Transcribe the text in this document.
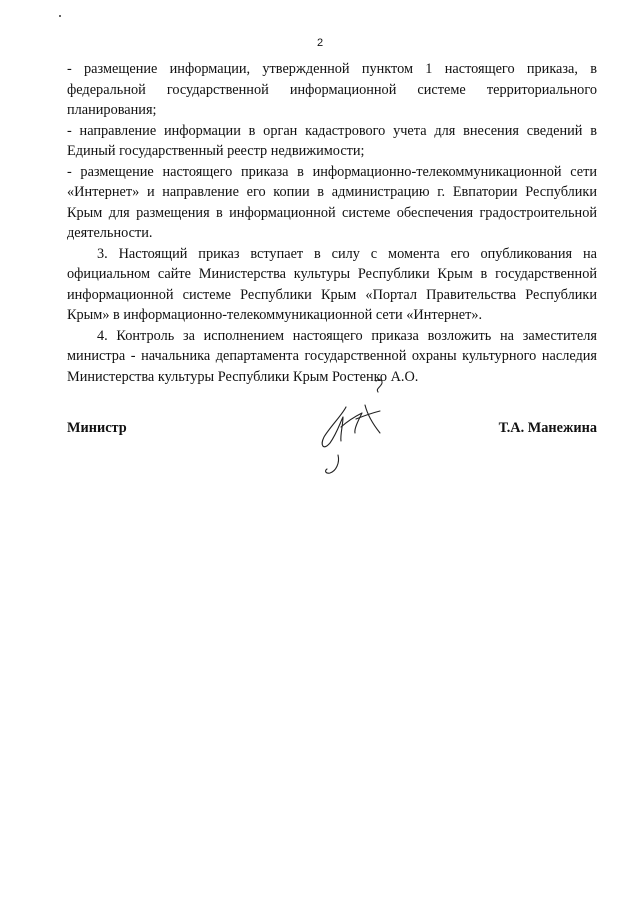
2

- размещение информации, утвержденной пунктом 1 настоящего приказа, в федеральной государственной информационной системе территориального планирования;

- направление информации в орган кадастрового учета для внесения сведений в Единый государственный реестр недвижимости;

- размещение настоящего приказа в информационно-телекоммуникационной сети «Интернет» и направление его копии в администрацию г. Евпатории Республики Крым для размещения в информационной системе обеспечения градостроительной деятельности.

3. Настоящий приказ вступает в силу с момента его опубликования на официальном сайте Министерства культуры Республики Крым в государственной информационной системе Республики Крым «Портал Правительства Республики Крым» в информационно-телекоммуникационной сети «Интернет».

4. Контроль за исполнением настоящего приказа возложить на заместителя министра - начальника департамента государственной охраны культурного наследия Министерства культуры Республики Крым Ростенко А.О.

Министр	Т.А. Манежина
